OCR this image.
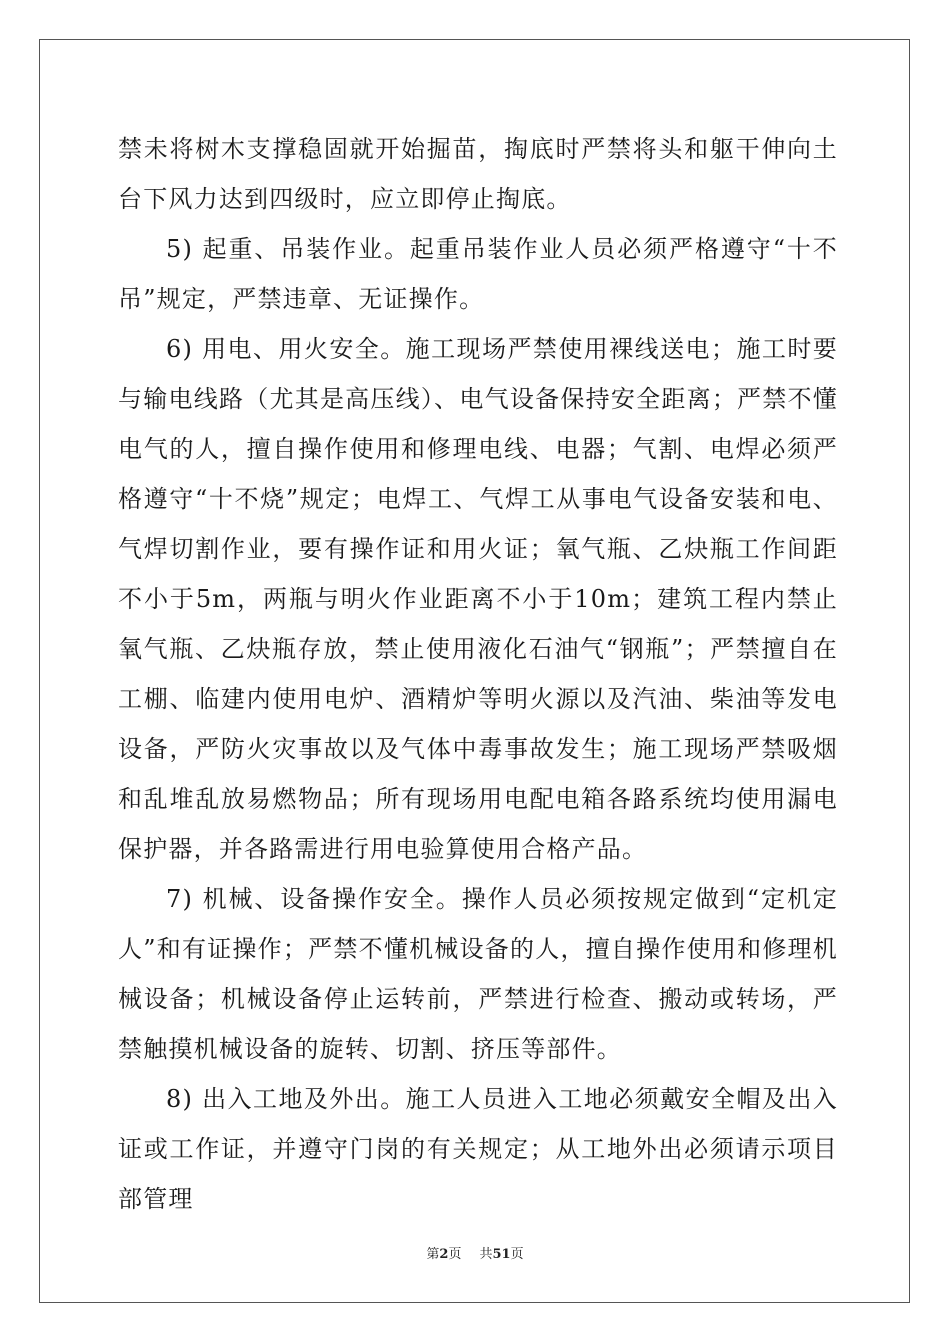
禁未将树木支撑稳固就开始掘苗，掏底时严禁将头和躯干伸向土台下风力达到四级时，应立即停止掏底。

5) 起重、吊装作业。起重吊装作业人员必须严格遵守“十不吊”规定，严禁违章、无证操作。

6) 用电、用火安全。施工现场严禁使用裸线送电；施工时要与输电线路（尤其是高压线）、电气设备保持安全距离；严禁不懂电气的人，擅自操作使用和修理电线、电器；气割、电焊必须严格遵守“十不烧”规定；电焊工、气焊工从事电气设备安装和电、气焊切割作业，要有操作证和用火证；氧气瓶、乙炔瓶工作间距不小于5m，两瓶与明火作业距离不小于10m；建筑工程内禁止氧气瓶、乙炔瓶存放，禁止使用液化石油气“钢瓶”；严禁擅自在工棚、临建内使用电炉、酒精炉等明火源以及汽油、柴油等发电设备，严防火灾事故以及气体中毒事故发生；施工现场严禁吸烟和乱堆乱放易燃物品；所有现场用电配电箱各路系统均使用漏电保护器，并各路需进行用电验算使用合格产品。

7) 机械、设备操作安全。操作人员必须按规定做到“定机定人”和有证操作；严禁不懂机械设备的人，擅自操作使用和修理机械设备；机械设备停止运转前，严禁进行检查、搬动或转场，严禁触摸机械设备的旋转、切割、挤压等部件。

8) 出入工地及外出。施工人员进入工地必须戴安全帽及出入证或工作证，并遵守门岗的有关规定；从工地外出必须请示项目部管理

第2页 共51页
